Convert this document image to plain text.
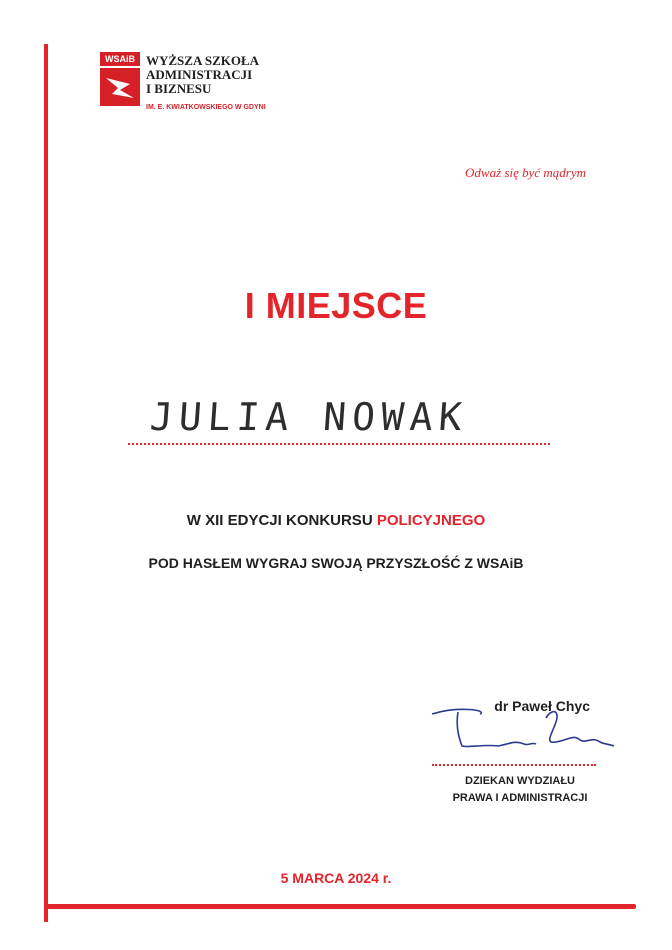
WSAiB WYŻSZA SZKOŁA
ADMINISTRACJI
I BIZNESU
IM. E. KWIATKOWSKIEGO W GDYNI
Odważ się być mądrym
I MIEJSCE
JULIA NOWAK
W XII EDYCJI KONKURSU POLICYJNEGO
POD HASŁEM WYGRAJ SWOJĄ PRZYSZŁOŚĆ Z WSAiB
dr Paweł Chyc
DZIEKAN WYDZIAŁU
PRAWA I ADMINISTRACJI
5 MARCA 2024 r.
